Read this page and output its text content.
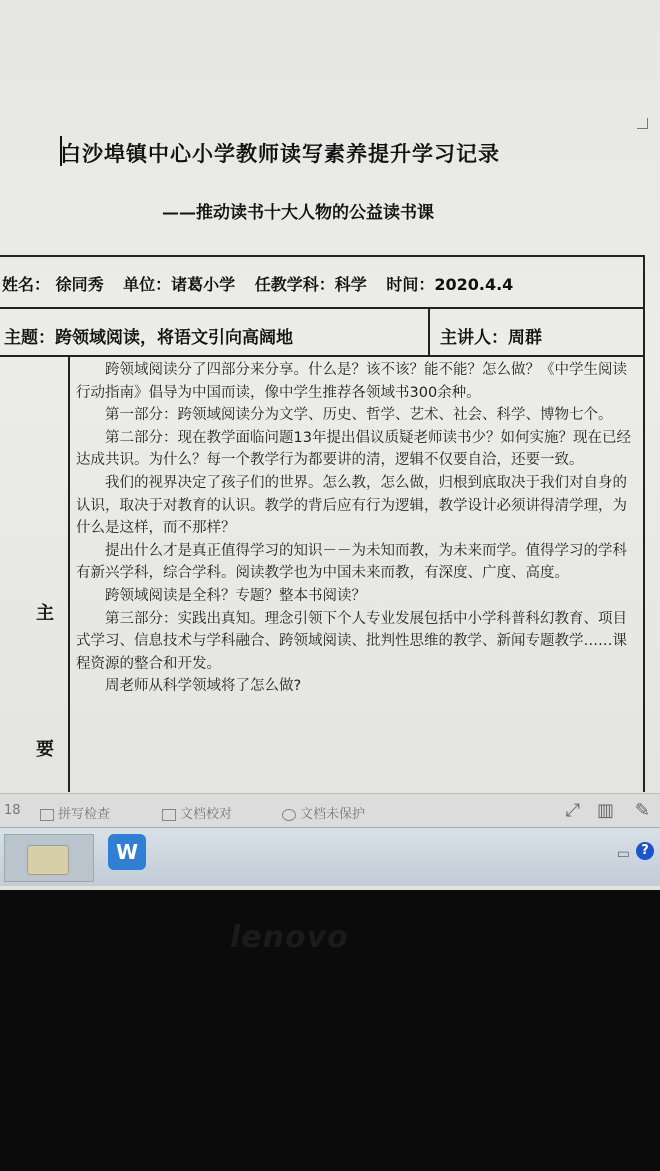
白沙埠镇中心小学教师读写素养提升学习记录
——推动读书十大人物的公益读书课
姓名： 徐同秀 单位：诸葛小学 任教学科：科学 时间：2020.4.4
主题：跨领域阅读，将语文引向高阔地	主讲人：周群
主
要

跨领域阅读分了四部分来分享。什么是？该不该？能不能？怎么做？《中学生阅读行动指南》倡导为中国而读，像中学生推荐各领域书300余种。

第一部分：跨领域阅读分为文学、历史、哲学、艺术、社会、科学、博物七个。

第二部分：现在教学面临问题13年提出倡议质疑老师读书少？如何实施？现在已经达成共识。为什么？每一个教学行为都要讲的清，逻辑不仅要自洽，还要一致。

我们的视界决定了孩子们的世界。怎么教，怎么做，归根到底取决于我们对自身的认识，取决于对教育的认识。教学的背后应有行为逻辑，教学设计必须讲得清学理，为什么是这样，而不那样？

提出什么才是真正值得学习的知识－－为未知而教，为未来而学。值得学习的学科有新兴学科，综合学科。阅读教学也为中国未来而教，有深度、广度、高度。

跨领域阅读是全科？专题？整本书阅读？

第三部分：实践出真知。理念引领下个人专业发展包括中小学科普科幻教育、项目式学习、信息技术与学科融合、跨领域阅读、批判性思维的教学、新闻专题教学……课程资源的整合和开发。

周老师从科学领域将了怎么做?

18	拼写检查	文档校对	文档未保护	⤢ ▥ ✎
W	▭ ?
lenovo
